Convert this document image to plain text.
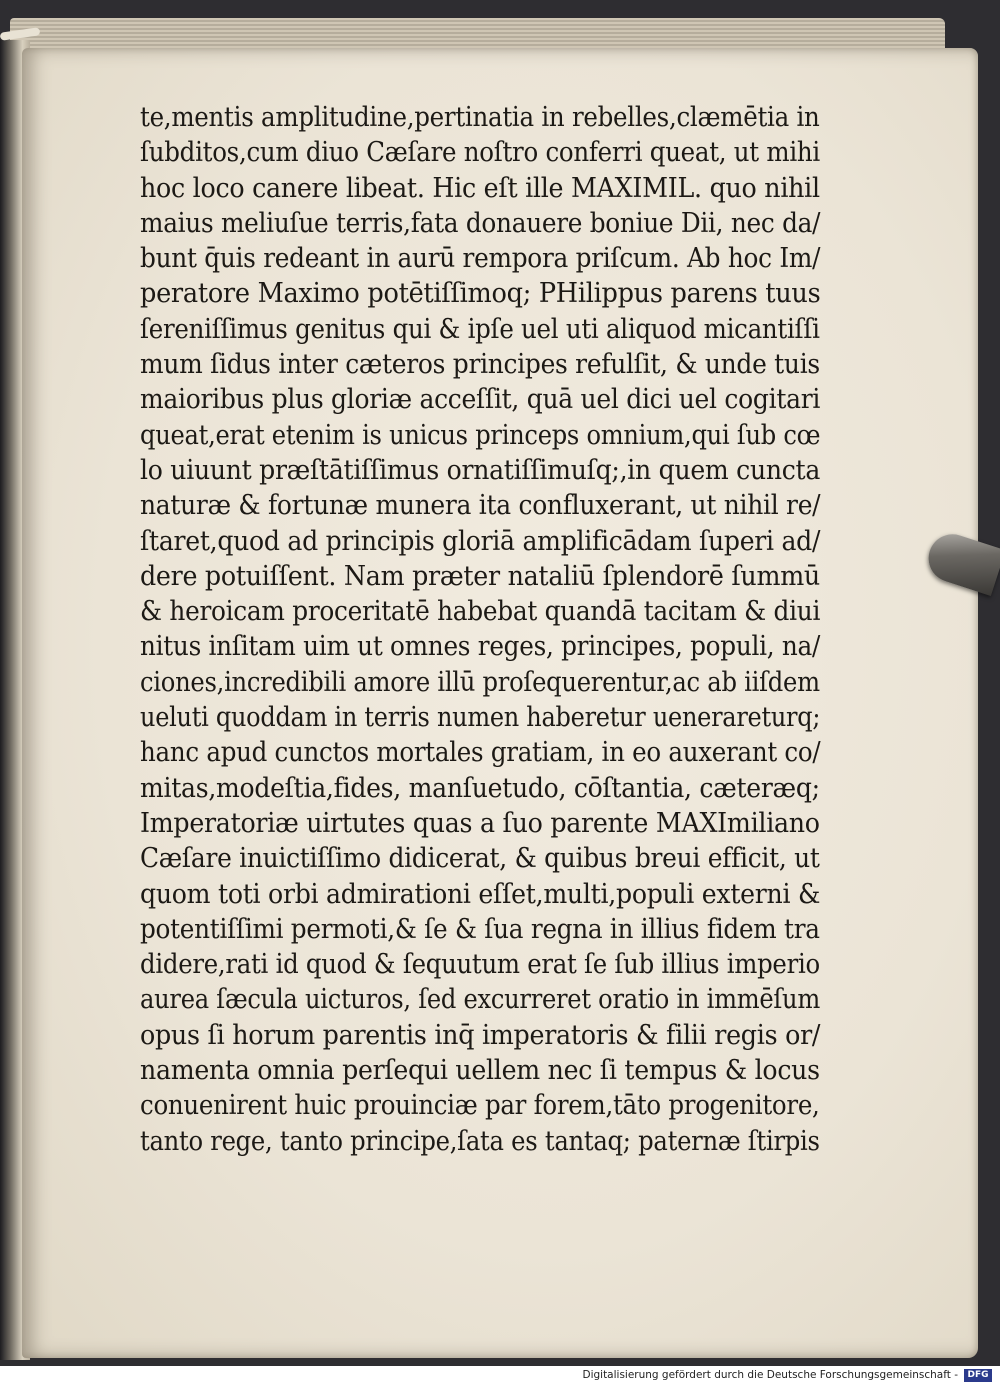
te,mentis amplitudine,pertinatia in rebelles,clæmētia in
ſubditos,cum diuo Cæſare noſtro conferri queat, ut mihi
hoc loco canere libeat. Hic eſt ille MAXIMIL. quo nihil
maius meliuſue terris,fata donauere boniue Dii, nec da/
bunt q̄uis redeant in aurū rempora priſcum. Ab hoc Im/
peratore Maximo potētiſſimoq; PHilippus parens tuus
ſereniſſimus genitus qui & ipſe uel uti aliquod micantiſſi
mum ſidus inter cæteros principes refulſit, & unde tuis
maioribus plus gloriæ acceſſit, quā uel dici uel cogitari
queat,erat etenim is unicus princeps omnium,qui ſub cœ
lo uiuunt præſtātiſſimus ornatiſſimuſq;,in quem cuncta
naturæ & fortunæ munera ita confluxerant, ut nihil re/
ſtaret,quod ad principis gloriā amplificādam ſuperi ad/
dere potuiſſent. Nam præter nataliū ſplendorē ſummū
& heroicam proceritatē habebat quandā tacitam & diui
nitus inſitam uim ut omnes reges, principes, populi, na/
ciones,incredibili amore illū proſequerentur,ac ab iiſdem
ueluti quoddam in terris numen haberetur uenerareturq;
hanc apud cunctos mortales gratiam, in eo auxerant co/
mitas,modeſtia,fides, manſuetudo, cōſtantia, cæteræq;
Imperatoriæ uirtutes quas a ſuo parente MAXImiliano
Cæſare inuictiſſimo didicerat, & quibus breui efficit, ut
quom toti orbi admirationi eſſet,multi,populi externi &
potentiſſimi permoti,& ſe & ſua regna in illius fidem tra
didere,rati id quod & ſequutum erat ſe ſub illius imperio
aurea ſæcula uicturos, ſed excurreret oratio in immēſum
opus ſi horum parentis inq̄ imperatoris & filii regis or/
namenta omnia perſequi uellem nec ſi tempus & locus
conuenirent huic prouinciæ par forem,tāto progenitore,
tanto rege, tanto principe,ſata es tantaq; paternæ ſtirpis
Digitalisierung gefördert durch die Deutsche Forschungsgemeinschaft -	DFG
